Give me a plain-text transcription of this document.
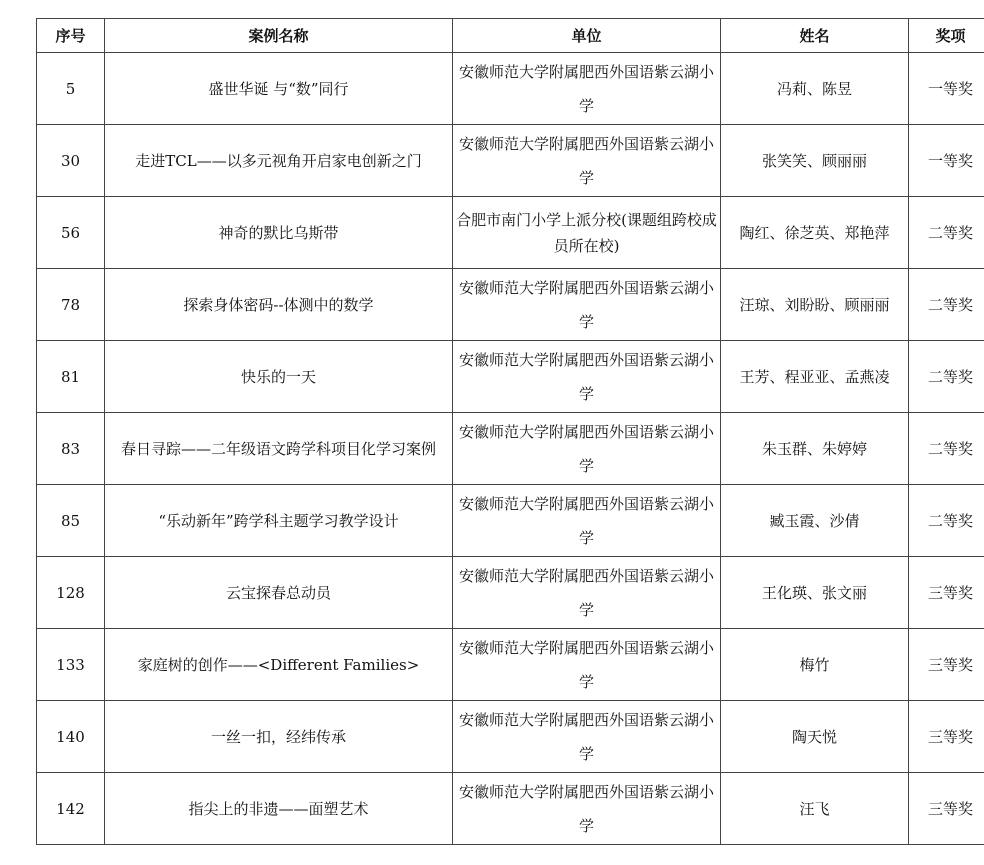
序号	案例名称	单位	姓名	奖项
5	盛世华诞 与“数”同行	安徽师范大学附属肥西外国语紫云湖小学	冯莉、陈昱	一等奖
30	走进TCL——以多元视角开启家电创新之门	安徽师范大学附属肥西外国语紫云湖小学	张笑笑、顾丽丽	一等奖
56	神奇的默比乌斯带	合肥市南门小学上派分校(课题组跨校成员所在校)	陶红、徐芝英、郑艳萍	二等奖
78	探索身体密码--体测中的数学	安徽师范大学附属肥西外国语紫云湖小学	汪琼、刘盼盼、顾丽丽	二等奖
81	快乐的一天	安徽师范大学附属肥西外国语紫云湖小学	王芳、程亚亚、孟燕凌	二等奖
83	春日寻踪——二年级语文跨学科项目化学习案例	安徽师范大学附属肥西外国语紫云湖小学	朱玉群、朱婷婷	二等奖
85	“乐动新年”跨学科主题学习教学设计	安徽师范大学附属肥西外国语紫云湖小学	臧玉霞、沙倩	二等奖
128	云宝探春总动员	安徽师范大学附属肥西外国语紫云湖小学	王化瑛、张文丽	三等奖
133	家庭树的创作——<Different Families>	安徽师范大学附属肥西外国语紫云湖小学	梅竹	三等奖
140	一丝一扣，经纬传承	安徽师范大学附属肥西外国语紫云湖小学	陶天悦	三等奖
142	指尖上的非遗——面塑艺术	安徽师范大学附属肥西外国语紫云湖小学	汪飞	三等奖
